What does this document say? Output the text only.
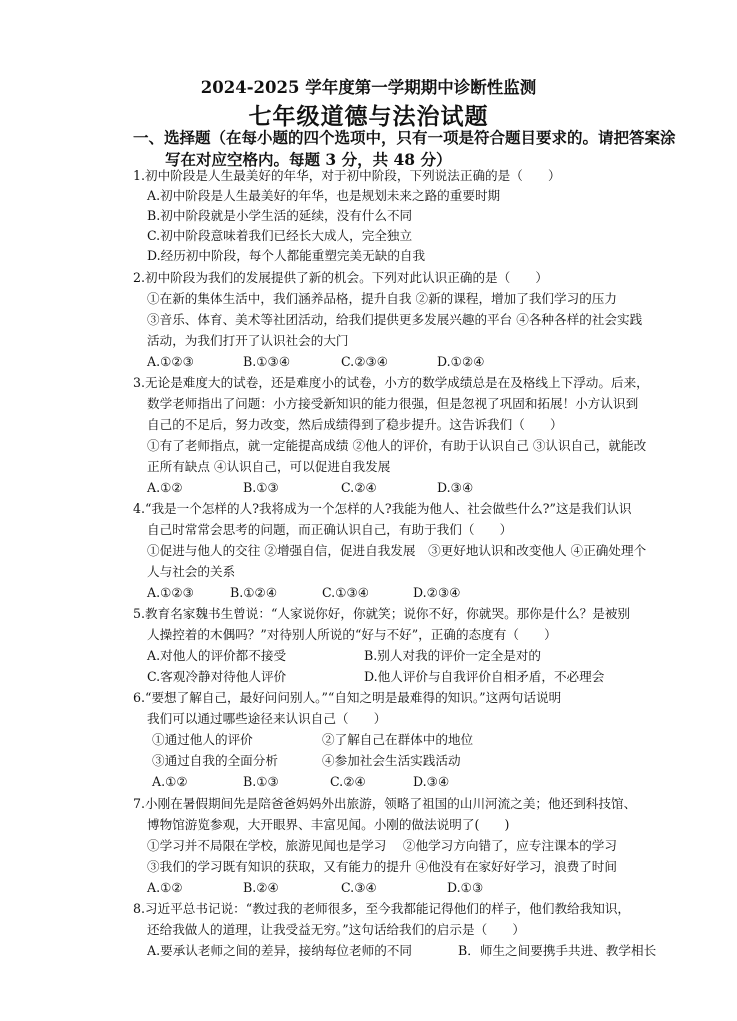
2024-2025 学年度第一学期期中诊断性监测
七年级道德与法治试题
一、选择题（在每小题的四个选项中，只有一项是符合题目要求的。请把答案涂
写在对应空格内。每题 3 分，共 48 分）
1.初中阶段是人生最美好的年华，对于初中阶段，下列说法正确的是（　　）
A.初中阶段是人生最美好的年华，也是规划未来之路的重要时期
B.初中阶段就是小学生活的延续，没有什么不同
C.初中阶段意味着我们已经长大成人，完全独立
D.经历初中阶段，每个人都能重塑完美无缺的自我
2.初中阶段为我们的发展提供了新的机会。下列对此认识正确的是（　　）
①在新的集体生活中，我们涵养品格，提升自我 ②新的课程，增加了我们学习的压力
③音乐、体育、美术等社团活动，给我们提供更多发展兴趣的平台 ④各种各样的社会实践
活动，为我们打开了认识社会的大门
A.①②③	B.①③④	C.②③④	D.①②④
3.无论是难度大的试卷，还是难度小的试卷，小方的数学成绩总是在及格线上下浮动。后来，
数学老师指出了问题：小方接受新知识的能力很强，但是忽视了巩固和拓展！小方认识到
自己的不足后，努力改变，然后成绩得到了稳步提升。这告诉我们（　　）
①有了老师指点，就一定能提高成绩 ②他人的评价，有助于认识自己 ③认识自己，就能改
正所有缺点 ④认识自己，可以促进自我发展
A.①②	B.①③	C.②④	D.③④
4.“我是一个怎样的人?我将成为一个怎样的人?我能为他人、社会做些什么?”这是我们认识
自己时常常会思考的问题，而正确认识自己，有助于我们（　　）
①促进与他人的交往 ②增强自信，促进自我发展　③更好地认识和改变他人 ④正确处理个
人与社会的关系
A.①②③	B.①②④	C.①③④	D.②③④
5.教育名家魏书生曾说：“人家说你好，你就笑；说你不好，你就哭。那你是什么？是被别
人操控着的木偶吗？”对待别人所说的“好与不好”，正确的态度有（　　）
A.对他人的评价都不接受	B.别人对我的评价一定全是对的
C.客观冷静对待他人评价	D.他人评价与自我评价自相矛盾，不必理会
6.“要想了解自己，最好问问别人。”“自知之明是最难得的知识。”这两句话说明
我们可以通过哪些途径来认识自己（　　）
①通过他人的评价	②了解自己在群体中的地位
③通过自我的全面分析	④参加社会生活实践活动
A.①②	B.①③	C.②④	D.③④
7.小刚在暑假期间先是陪爸爸妈妈外出旅游，领略了祖国的山川河流之美；他还到科技馆、
博物馆游览参观，大开眼界、丰富见闻。小刚的做法说明了(　　)
①学习并不局限在学校，旅游见闻也是学习　 ②他学习方向错了，应专注课本的学习
③我们的学习既有知识的获取，又有能力的提升 ④他没有在家好好学习，浪费了时间
A.①②	B.②④	C.③④	D.①③
8.习近平总书记说：“教过我的老师很多，至今我都能记得他们的样子，他们教给我知识，
还给我做人的道理，让我受益无穷。”这句话给我们的启示是（　　）
A.要承认老师之间的差异，接纳每位老师的不同	B．师生之间要携手共进、教学相长
